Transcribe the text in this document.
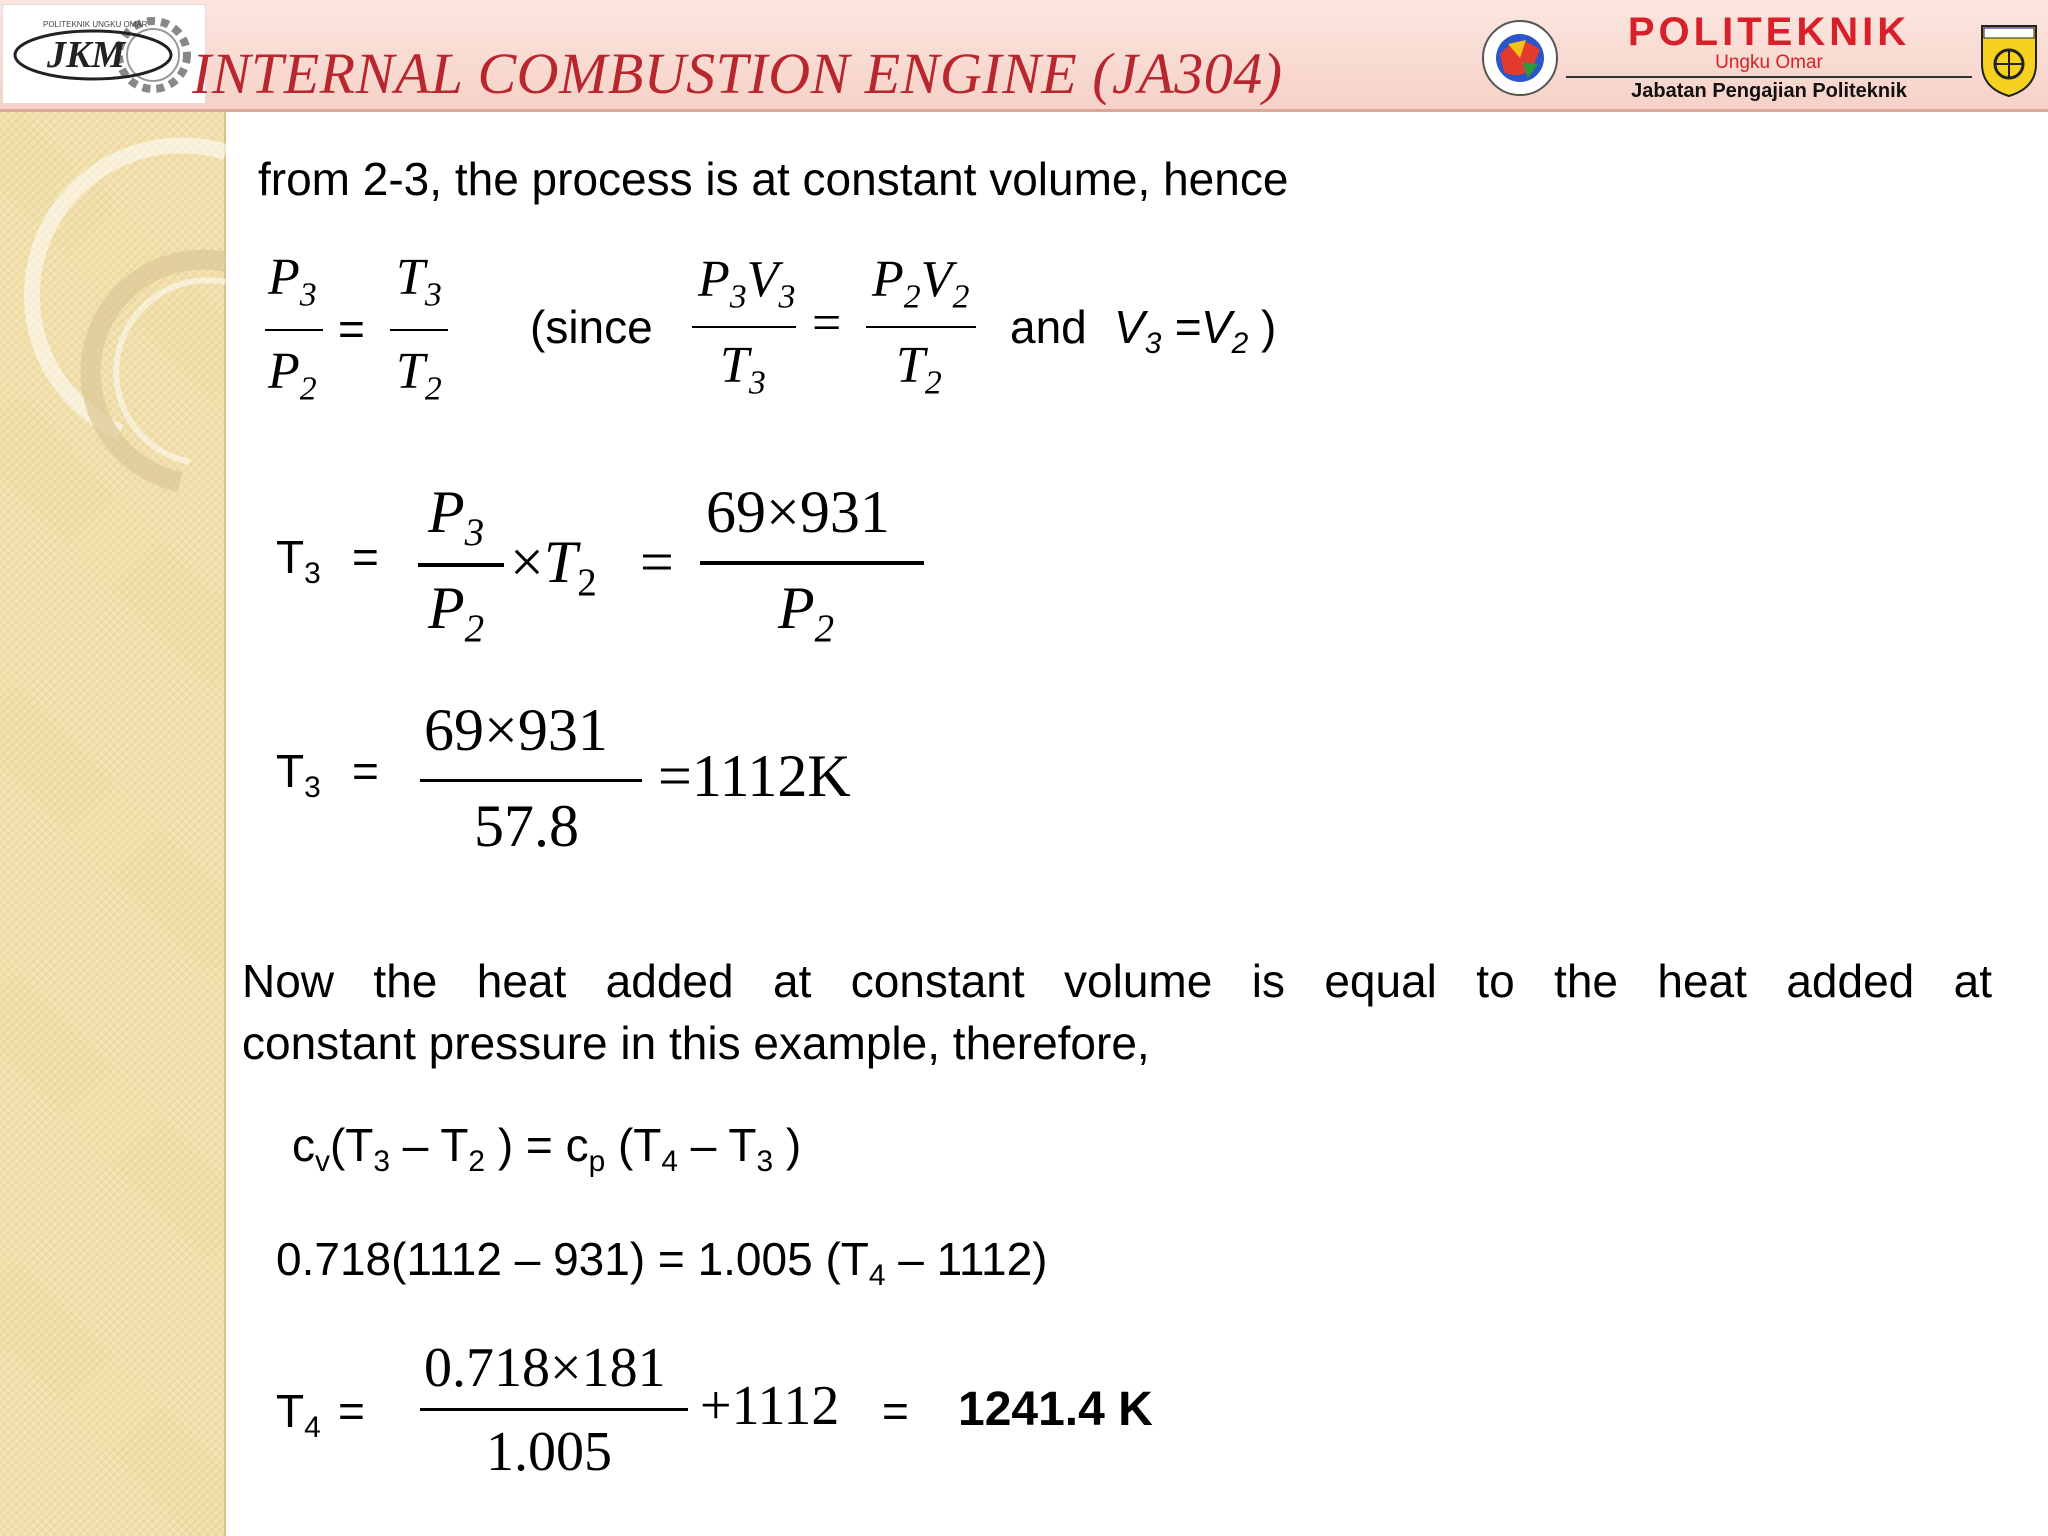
JKM
POLITEKNIK UNGKU OMAR
INTERNAL COMBUSTION ENGINE (JA304)
POLITEKNIK
Ungku Omar
Jabatan Pengajian Politeknik
from 2-3, the process is at constant volume, hence
$P_3$
$P_2$
=
$T_3$
$T_2$
(since
$P_3V_3$
$T_3$
=
$P_2V_2$
$T_2$
and $V_3 =V_2$ )
$T_3$ =
$P_3$
$P_2$
$\times T_2$ =
69×931
$P_2$
$T_3$ =
69×931
57.8
=1112K
Now the heat added at constant volume is equal to the heat added at
constant pressure in this example, therefore,
$c_v(T_3 - T_2$ ) = $c_p$ ($T_4 - T_3$ )
0.718(1112 – 931) = 1.005 $(T_4 - 1112)$
$T_4$ =
0.718×181
1.005
+1112 = 1241.4 K
